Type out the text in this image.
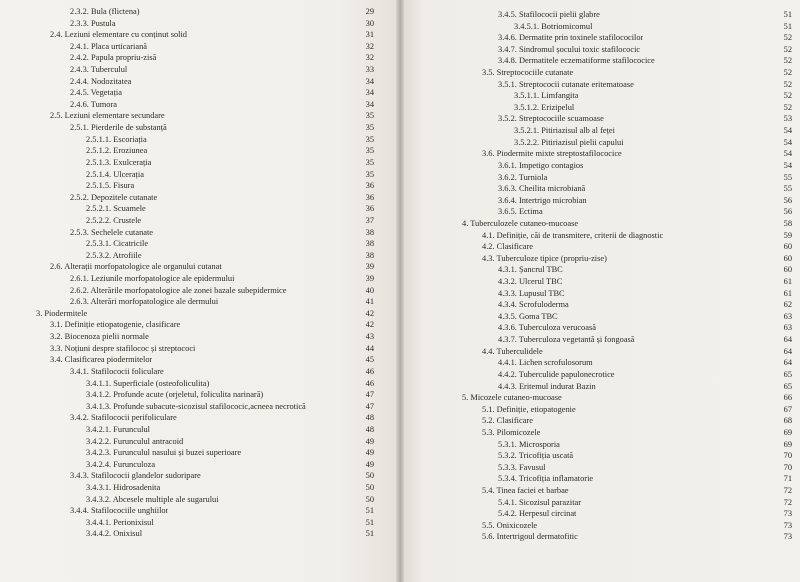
2.3.2. Bula (flictena)	29
2.3.3. Pustula	30
2.4. Leziuni elementare cu conținut solid	31
2.4.1. Placa urticariană	32
2.4.2. Papula propriu-zisă	32
2.4.3. Tuberculul	33
2.4.4. Nodozitatea	34
2.4.5. Vegetația	34
2.4.6. Tumora	34
2.5. Leziuni elementare secundare	35
2.5.1. Pierderile de substanță	35
2.5.1.1. Escoriația	35
2.5.1.2. Eroziunea	35
2.5.1.3. Exulcerația	35
2.5.1.4. Ulcerația	35
2.5.1.5. Fisura	36
2.5.2. Depozitele cutanate	36
2.5.2.1. Scuamele	36
2.5.2.2. Crustele	37
2.5.3. Sechelele cutanate	38
2.5.3.1. Cicatricile	38
2.5.3.2. Atrofiile	38
2.6. Alterații morfopatologice ale organului cutanat	39
2.6.1. Leziunile morfopatologice ale epidermului	39
2.6.2. Alterările morfopatologice ale zonei bazale subepidermice	40
2.6.3. Alterări morfopatologice ale dermului	41
3. Piodermitele	42
3.1. Definiție etiopatogenie, clasificare	42
3.2. Biocenoza pielii normale	43
3.3. Noțiuni despre stafilococ și streptococi	44
3.4. Clasificarea piodermitelor	45
3.4.1. Stafilococii foliculare	46
3.4.1.1. Superficiale (osteofoliculita)	46
3.4.1.2. Profunde acute (orjeletul, foliculita narinară)	47
3.4.1.3. Profunde subacute-sicozisul stafilococic,acneea necrotică	47
3.4.2. Stafilococii perifoliculare	48
3.4.2.1. Furunculul	48
3.4.2.2. Furunculul antracoid	49
3.4.2.3. Furunculul nasului și buzei superioare	49
3.4.2.4. Furunculoza	49
3.4.3. Stafilococii glandelor sudoripare	50
3.4.3.1. Hidrosadenita	50
3.4.3.2. Abcesele multiple ale sugarului	50
3.4.4. Stafilocociile unghiilor	51
3.4.4.1. Perionixisul	51
3.4.4.2. Onixisul	51
3.4.5. Stafilococii pielii glabre	51
3.4.5.1. Botriomicomul	51
3.4.6. Dermatite prin toxinele stafilococilor	52
3.4.7. Sindromul șocului toxic stafilococic	52
3.4.8. Dermatitele eczematiforme stafilococice	52
3.5. Streptocociile cutanate	52
3.5.1. Streptococii cutanate eritematoase	52
3.5.1.1. Limfangita	52
3.5.1.2. Erizipelul	52
3.5.2. Streptocociile scuamoase	53
3.5.2.1. Pitiriazisul alb al feței	54
3.5.2.2. Pitiriazisul pielii capului	54
3.6. Piodermite mixte streptostafilococice	54
3.6.1. Impetigo contagios	54
3.6.2. Turniola	55
3.6.3. Cheilita microbiană	55
3.6.4. Intertrigo microbian	56
3.6.5. Ectima	56
4. Tuberculozele cutaneo-mucoase	58
4.1. Definiție, căi de transmitere, criterii de diagnostic	59
4.2. Clasificare	60
4.3. Tuberculoze tipice (propriu-zise)	60
4.3.1. Șancrul TBC	60
4.3.2. Ulcerul TBC	61
4.3.3. Lupusul TBC	61
4.3.4. Scrofuloderma	62
4.3.5. Goma TBC	63
4.3.6. Tuberculoza verucoasă	63
4.3.7. Tuberculoza vegetantă și fongoasă	64
4.4. Tuberculidele	64
4.4.1. Lichen scrofulosorum	64
4.4.2. Tuberculide papulonecrotice	65
4.4.3. Eritemul indurat Bazin	65
5. Micozele cutaneo-mucoase	66
5.1. Definiție, etiopatogenie	67
5.2. Clasificare	68
5.3. Pilomicozele	69
5.3.1. Microsporia	69
5.3.2. Tricofiția uscată	70
5.3.3. Favusul	70
5.3.4. Tricofiția inflamatorie	71
5.4. Tinea faciei et barbae	72
5.4.1. Sicozisul parazitar	72
5.4.2. Herpesul circinat	73
5.5. Onixicozele	73
5.6. Intertrigoul dermatofitic	73
